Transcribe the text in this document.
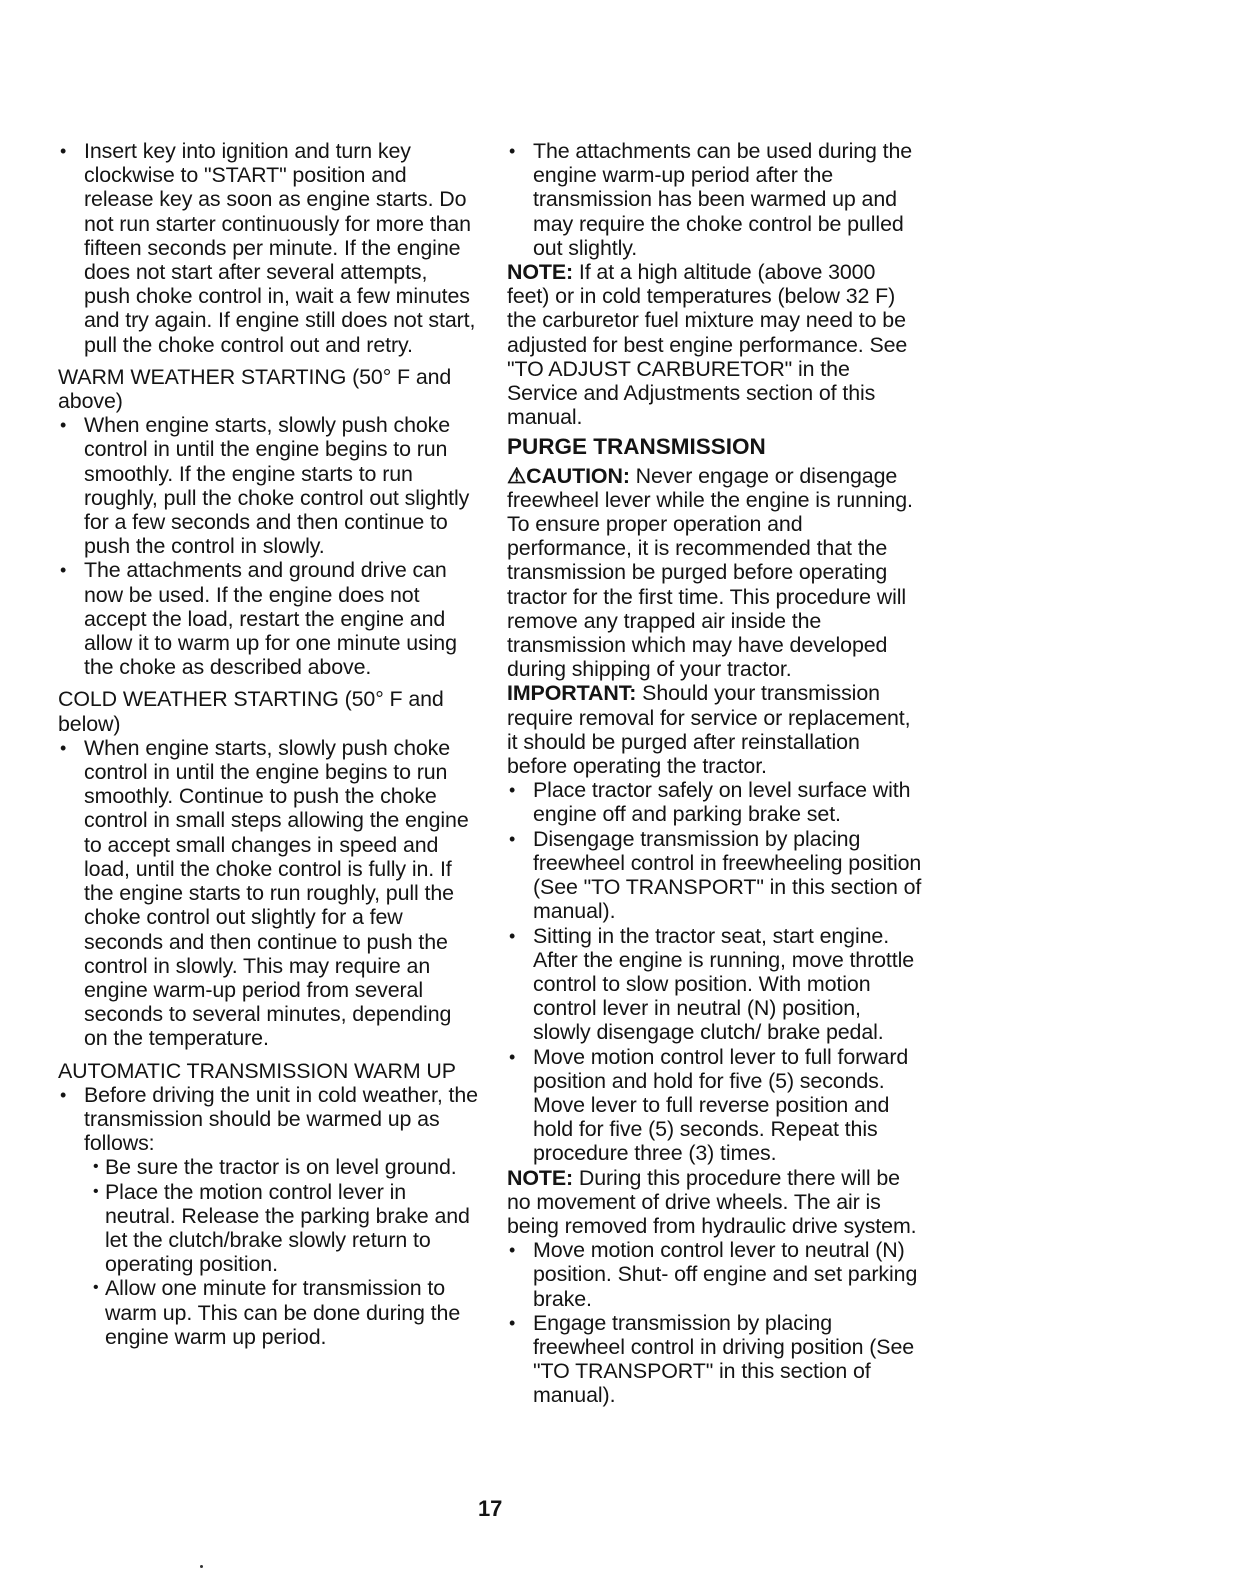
• Insert key into ignition and turn key clockwise to "START" position and release key as soon as engine starts. Do not run starter continuously for more than fifteen seconds per minute. If the engine does not start after several attempts, push choke control in, wait a few minutes and try again. If engine still does not start, pull the choke control out and retry.

WARM WEATHER STARTING (50° F and above)

• When engine starts, slowly push choke control in until the engine begins to run smoothly. If the engine starts to run roughly, pull the choke control out slightly for a few seconds and then continue to push the control in slowly.

• The attachments and ground drive can now be used. If the engine does not accept the load, restart the engine and allow it to warm up for one minute using the choke as described above.

COLD WEATHER STARTING (50° F and below)

• When engine starts, slowly push choke control in until the engine begins to run smoothly. Continue to push the choke control in small steps allowing the engine to accept small changes in speed and load, until the choke control is fully in. If the engine starts to run roughly, pull the choke control out slightly for a few seconds and then continue to push the control in slowly. This may require an engine warm-up period from several seconds to several minutes, depending on the temperature.

AUTOMATIC TRANSMISSION WARM UP

• Before driving the unit in cold weather, the transmission should be warmed up as follows:

• Be sure the tractor is on level ground.

• Place the motion control lever in neutral. Release the parking brake and let the clutch/brake slowly return to operating position.

• Allow one minute for transmission to warm up. This can be done during the engine warm up period.

• The attachments can be used during the engine warm-up period after the transmission has been warmed up and may require the choke control be pulled out slightly.

NOTE: If at a high altitude (above 3000 feet) or in cold temperatures (below 32 F) the carburetor fuel mixture may need to be adjusted for best engine performance. See "TO ADJUST CARBURETOR" in the Service and Adjustments section of this manual.

PURGE TRANSMISSION

⚠CAUTION: Never engage or disengage freewheel lever while the engine is running.

To ensure proper operation and performance, it is recommended that the transmission be purged before operating tractor for the first time. This procedure will remove any trapped air inside the transmission which may have developed during shipping of your tractor.

IMPORTANT: Should your transmission require removal for service or replacement, it should be purged after reinstallation before operating the tractor.

• Place tractor safely on level surface with engine off and parking brake set.

• Disengage transmission by placing freewheel control in freewheeling position (See "TO TRANSPORT" in this section of manual).

• Sitting in the tractor seat, start engine. After the engine is running, move throttle control to slow position. With motion control lever in neutral (N) position, slowly disengage clutch/ brake pedal.

• Move motion control lever to full forward position and hold for five (5) seconds. Move lever to full reverse position and hold for five (5) seconds. Repeat this procedure three (3) times.

NOTE: During this procedure there will be no movement of drive wheels. The air is being removed from hydraulic drive system.

• Move motion control lever to neutral (N) position. Shut- off engine and set parking brake.

• Engage transmission by placing freewheel control in driving position (See "TO TRANSPORT" in this section of manual).

17
